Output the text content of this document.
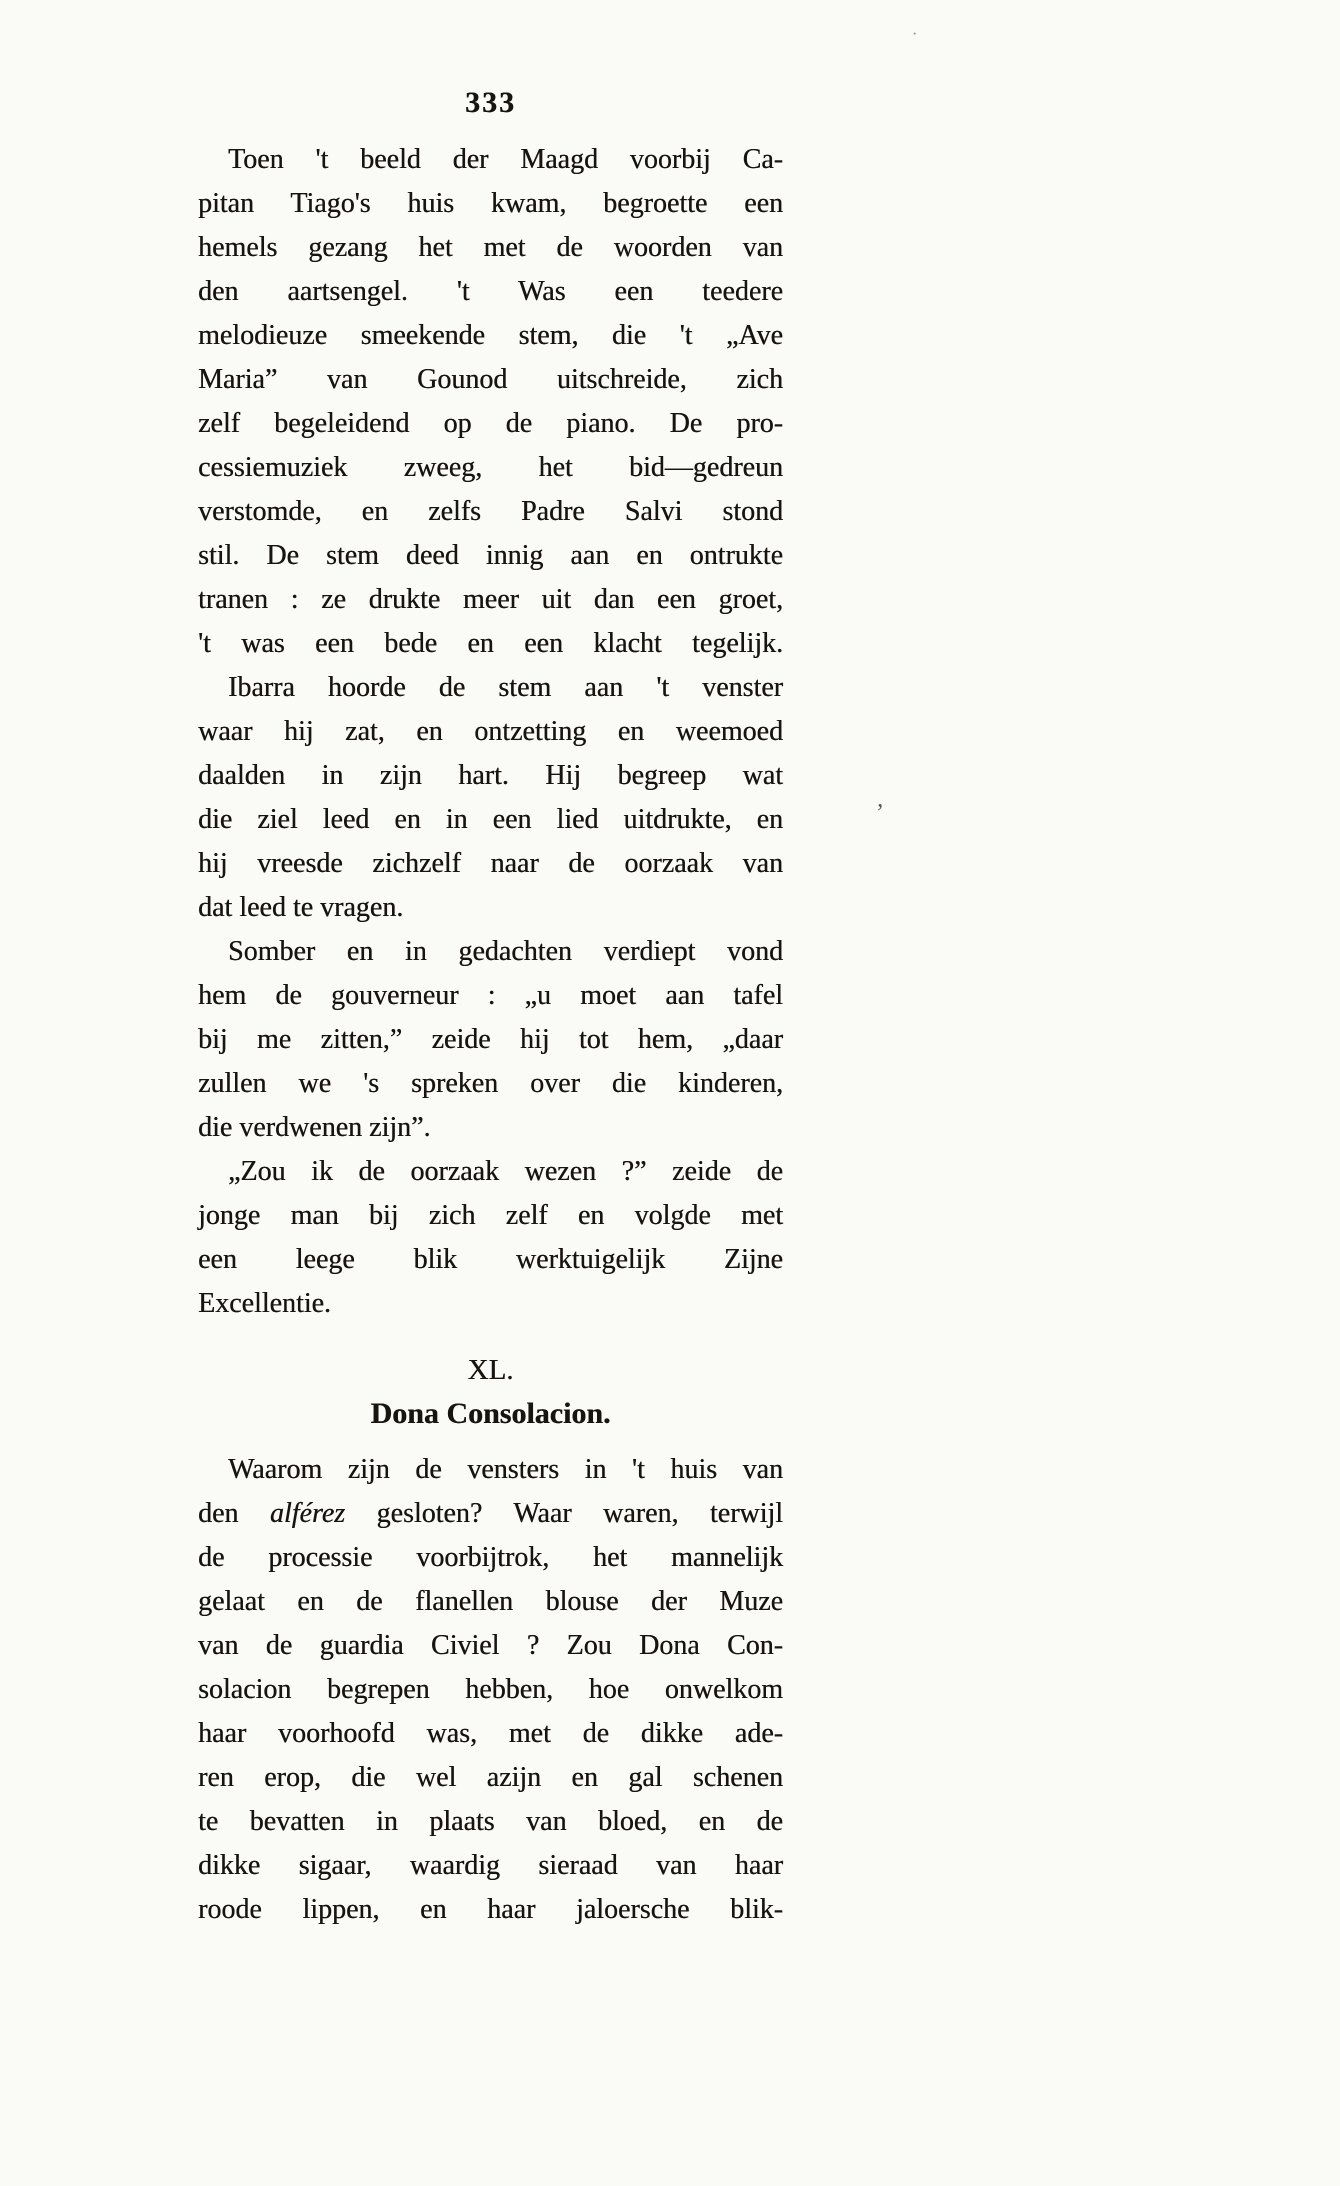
333
Toen 't beeld der Maagd voorbij Ca-
pitan Tiago's huis kwam, begroette een
hemels gezang het met de woorden van
den aartsengel. 't Was een teedere
melodieuze smeekende stem, die 't „Ave
Maria” van Gounod uitschreide, zich
zelf begeleidend op de piano. De pro-
cessiemuziek zweeg, het bid—gedreun
verstomde, en zelfs Padre Salvi stond
stil. De stem deed innig aan en ontrukte
tranen : ze drukte meer uit dan een groet,
't was een bede en een klacht tegelijk.
Ibarra hoorde de stem aan 't venster
waar hij zat, en ontzetting en weemoed
daalden in zijn hart. Hij begreep wat
die ziel leed en in een lied uitdrukte, en
hij vreesde zichzelf naar de oorzaak van
dat leed te vragen.
Somber en in gedachten verdiept vond
hem de gouverneur : „u moet aan tafel
bij me zitten,” zeide hij tot hem, „daar
zullen we 's spreken over die kinderen,
die verdwenen zijn”.
„Zou ik de oorzaak wezen ?” zeide de
jonge man bij zich zelf en volgde met
een leege blik werktuigelijk Zijne
Excellentie.
XL.
Dona Consolacion.
Waarom zijn de vensters in 't huis van
den alférez gesloten? Waar waren, terwijl
de processie voorbijtrok, het mannelijk
gelaat en de flanellen blouse der Muze
van de guardia Civiel ? Zou Dona Con-
solacion begrepen hebben, hoe onwelkom
haar voorhoofd was, met de dikke ade-
ren erop, die wel azijn en gal schenen
te bevatten in plaats van bloed, en de
dikke sigaar, waardig sieraad van haar
roode lippen, en haar jaloersche blik-
’
·
